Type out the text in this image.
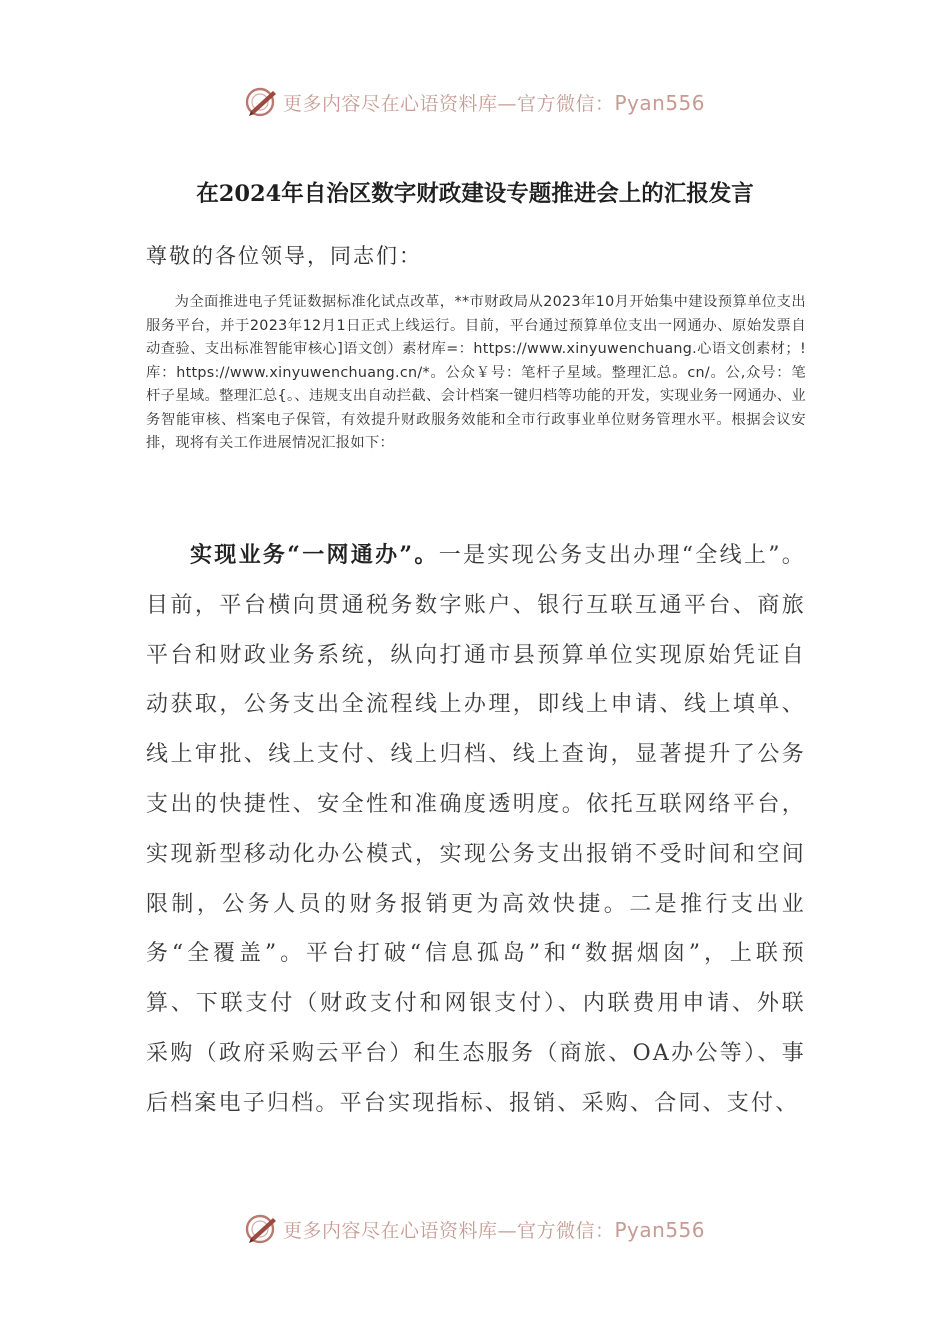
更多内容尽在心语资料库—官方微信：Pyan556
在2024年自治区数字财政建设专题推进会上的汇报发言
尊敬的各位领导，同志们：

为全面推进电子凭证数据标准化试点改革，**市财政局从2023年10月开始集中建设预算单位支出服务平台，并于2023年12月1日正式上线运行。目前，平台通过预算单位支出一网通办、原始发票自动查验、支出标准智能审核心]语文创）素材库=：https://www.xinyuwenchuang.心语文创素材；! 库：https://www.xinyuwenchuang.cn/*。公众￥号：笔杆子星域。整理汇总。cn/。公,众号：笔杆子星域。整理汇总{。、违规支出自动拦截、会计档案一键归档等功能的开发，实现业务一网通办、业务智能审核、档案电子保管，有效提升财政服务效能和全市行政事业单位财务管理水平。根据会议安排，现将有关工作进展情况汇报如下：

实现业务“一网通办”。一是实现公务支出办理“全线上”。目前，平台横向贯通税务数字账户、银行互联互通平台、商旅平台和财政业务系统，纵向打通市县预算单位实现原始凭证自动获取，公务支出全流程线上办理，即线上申请、线上填单、线上审批、线上支付、线上归档、线上查询，显著提升了公务支出的快捷性、安全性和准确度透明度。依托互联网络平台，实现新型移动化办公模式，实现公务支出报销不受时间和空间限制，公务人员的财务报销更为高效快捷。二是推行支出业务“全覆盖”。平台打破“信息孤岛”和“数据烟囱”，上联预算、下联支付（财政支付和网银支付）、内联费用申请、外联采购（政府采购云平台）和生态服务（商旅、OA办公等）、事后档案电子归档。平台实现指标、报销、采购、合同、支付、

更多内容尽在心语资料库—官方微信：Pyan556
